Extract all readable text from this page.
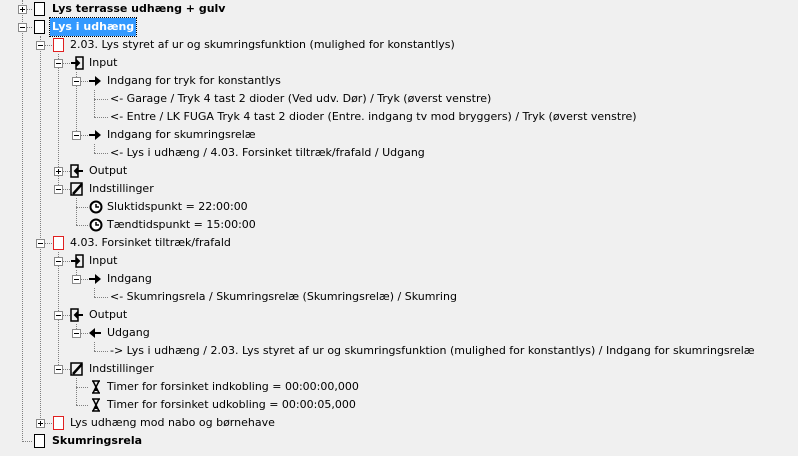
Lys terrasse udhæng + gulv
Lys i udhæng
2.03. Lys styret af ur og skumringsfunktion (mulighed for konstantlys)
Input
Indgang for tryk for konstantlys
<- Garage / Tryk 4 tast 2 dioder (Ved udv. Dør) / Tryk (øverst venstre)
<- Entre / LK FUGA Tryk 4 tast 2 dioder (Entre. indgang tv mod bryggers) / Tryk (øverst venstre)
Indgang for skumringsrelæ
<- Lys i udhæng / 4.03. Forsinket tiltræk/frafald / Udgang
Output
Indstillinger
Sluktidspunkt = 22:00:00
Tændtidspunkt = 15:00:00
4.03. Forsinket tiltræk/frafald
Input
Indgang
<- Skumringsrela / Skumringsrelæ (Skumringsrelæ) / Skumring
Output
Udgang
-> Lys i udhæng / 2.03. Lys styret af ur og skumringsfunktion (mulighed for konstantlys) / Indgang for skumringsrelæ
Indstillinger
Timer for forsinket indkobling = 00:00:00,000
Timer for forsinket udkobling = 00:00:05,000
Lys udhæng mod nabo og børnehave
Skumringsrela
